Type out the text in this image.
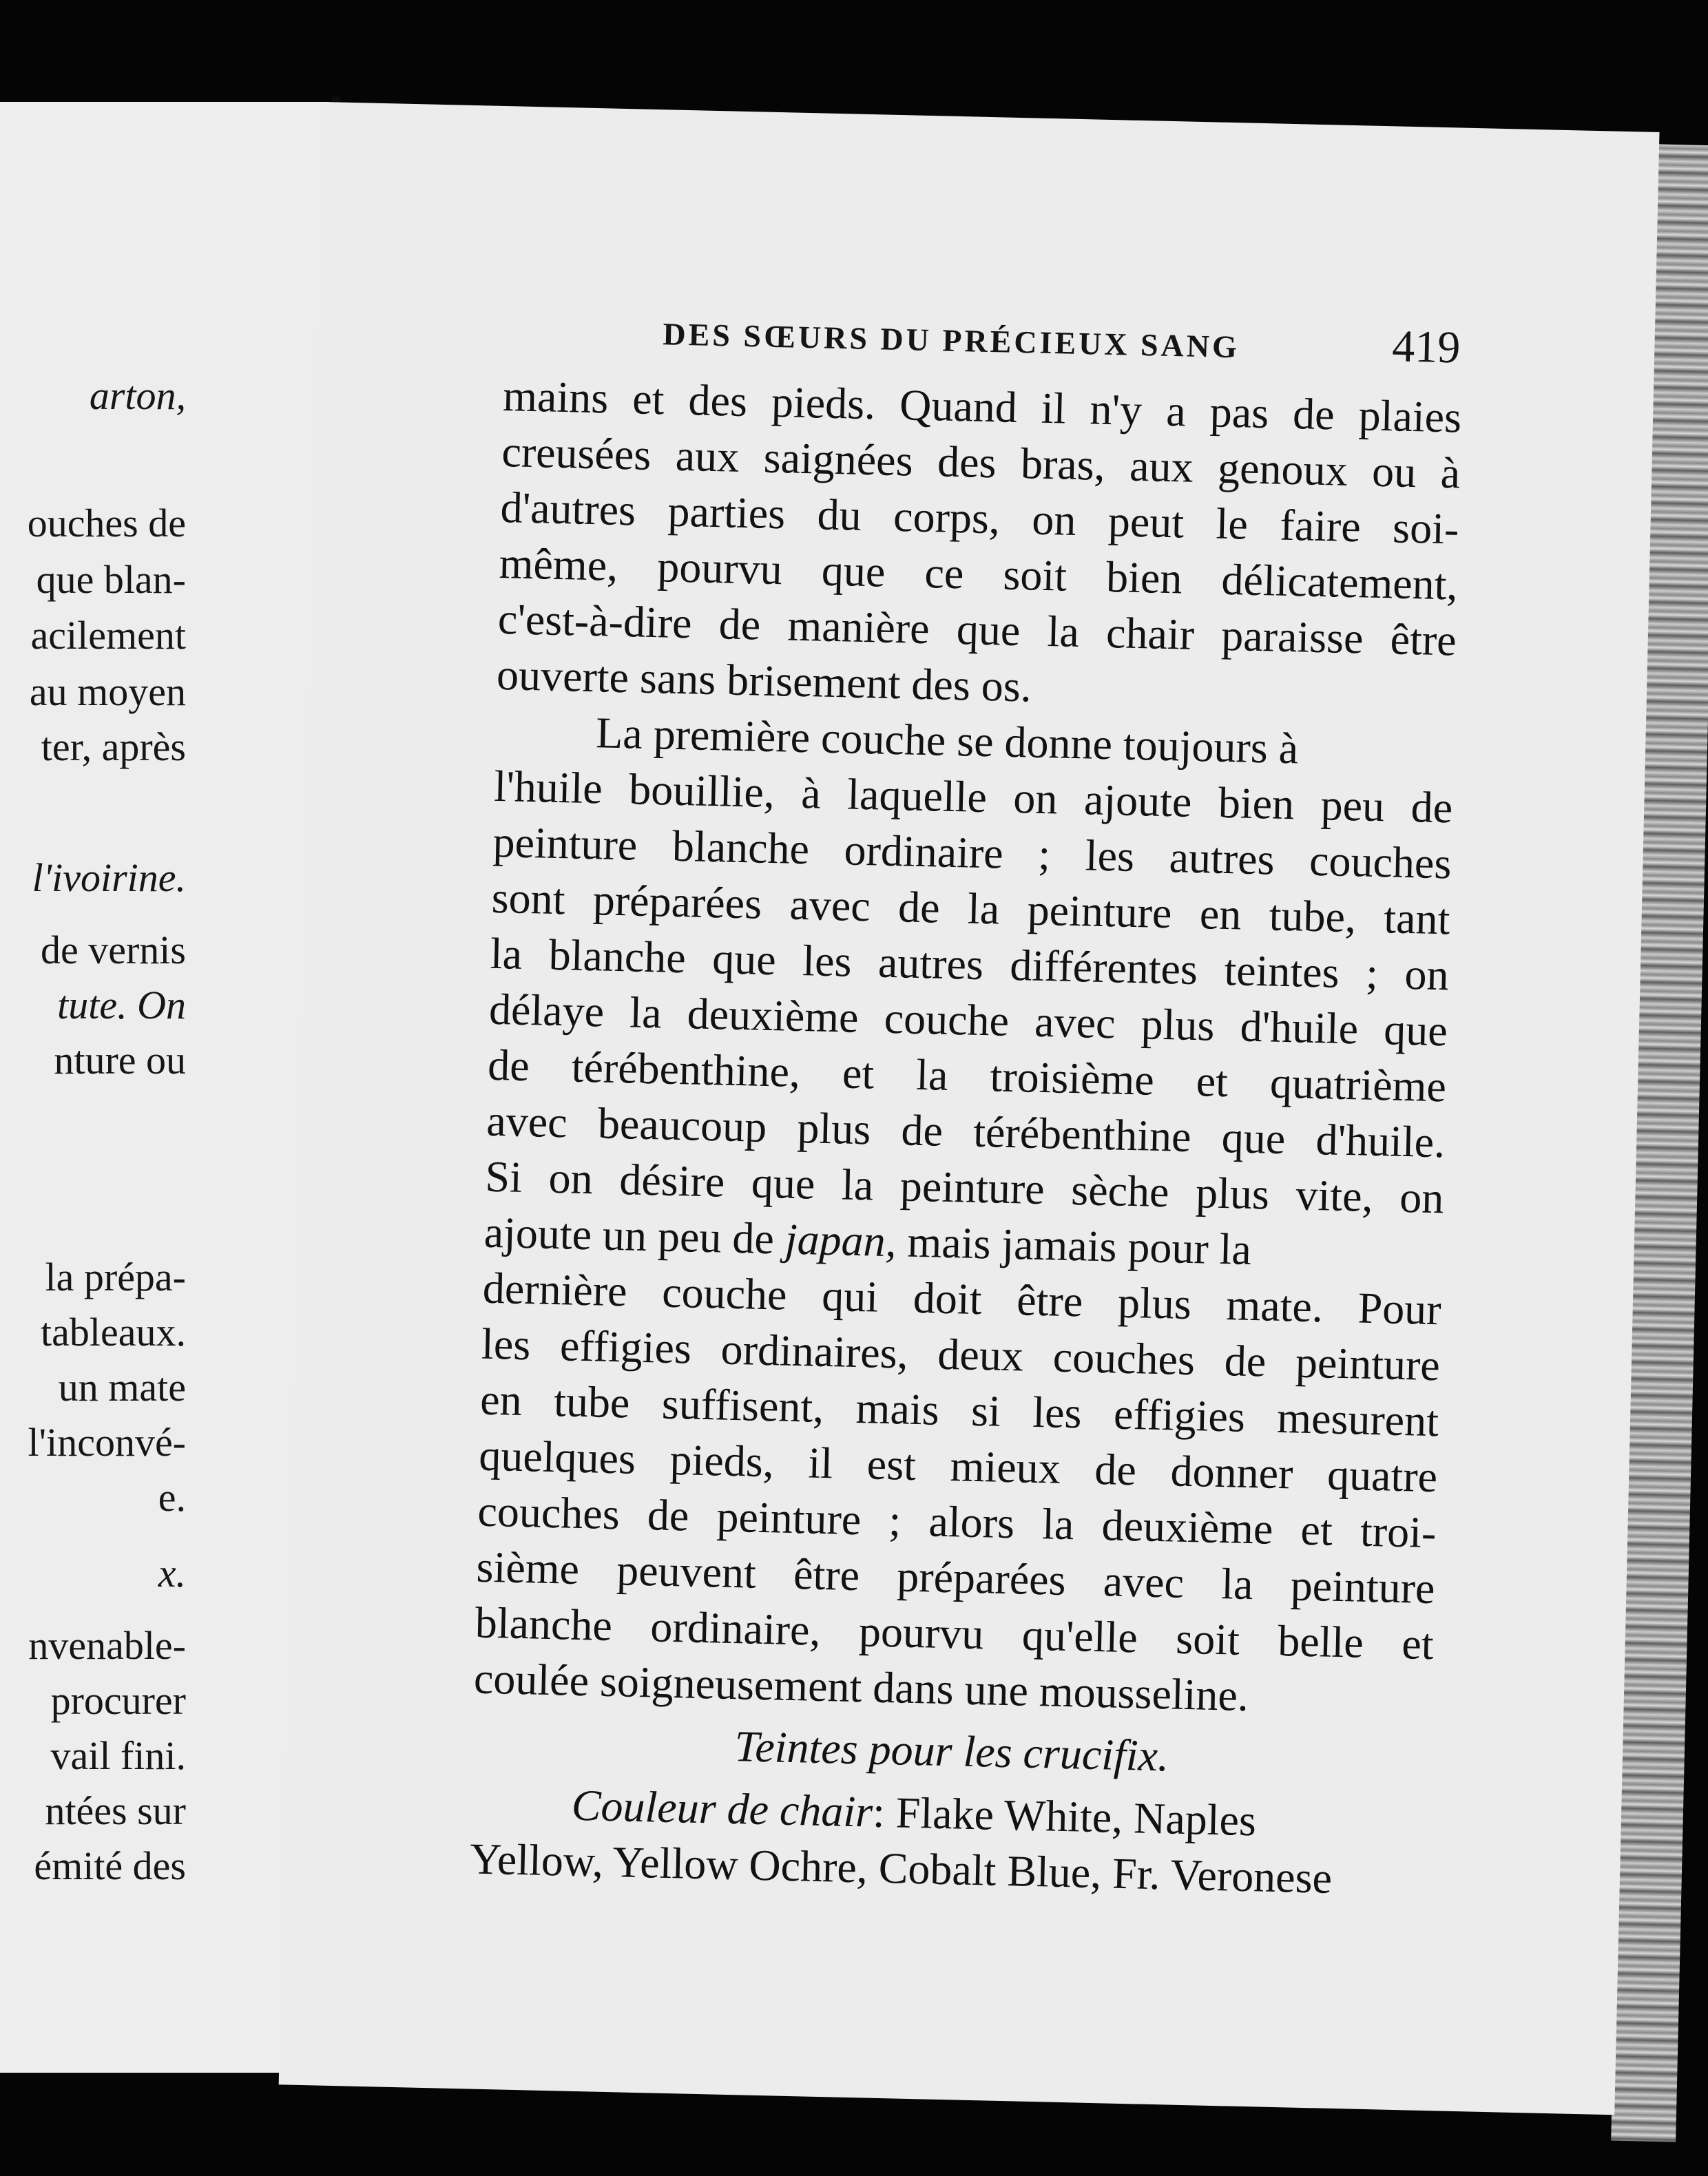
arton,
ouches de
que blan-
acilement
au moyen
ter, après
l'ivoirine.
de vernis
tute. On
nture ou
la prépa-
tableaux.
un mate
l'inconvé-
e.
x.
nvenable-
procurer
vail fini.
ntées sur
émité des
DES SŒURS DU PRÉCIEUX SANG	419
mains et des pieds. Quand il n'y a pas de plaies
creusées aux saignées des bras, aux genoux ou à
d'autres parties du corps, on peut le faire soi-
même, pourvu que ce soit bien délicatement,
c'est-à-dire de manière que la chair paraisse être
ouverte sans brisement des os.
La première couche se donne toujours à
l'huile bouillie, à laquelle on ajoute bien peu de
peinture blanche ordinaire ; les autres couches
sont préparées avec de la peinture en tube, tant
la blanche que les autres différentes teintes ; on
délaye la deuxième couche avec plus d'huile que
de térébenthine, et la troisième et quatrième
avec beaucoup plus de térébenthine que d'huile.
Si on désire que la peinture sèche plus vite, on
ajoute un peu de japan, mais jamais pour la
dernière couche qui doit être plus mate. Pour
les effigies ordinaires, deux couches de peinture
en tube suffisent, mais si les effigies mesurent
quelques pieds, il est mieux de donner quatre
couches de peinture ; alors la deuxième et troi-
sième peuvent être préparées avec la peinture
blanche ordinaire, pourvu qu'elle soit belle et
coulée soigneusement dans une mousseline.
Teintes pour les crucifix.
Couleur de chair: Flake White, Naples
Yellow, Yellow Ochre, Cobalt Blue, Fr. Veronese
